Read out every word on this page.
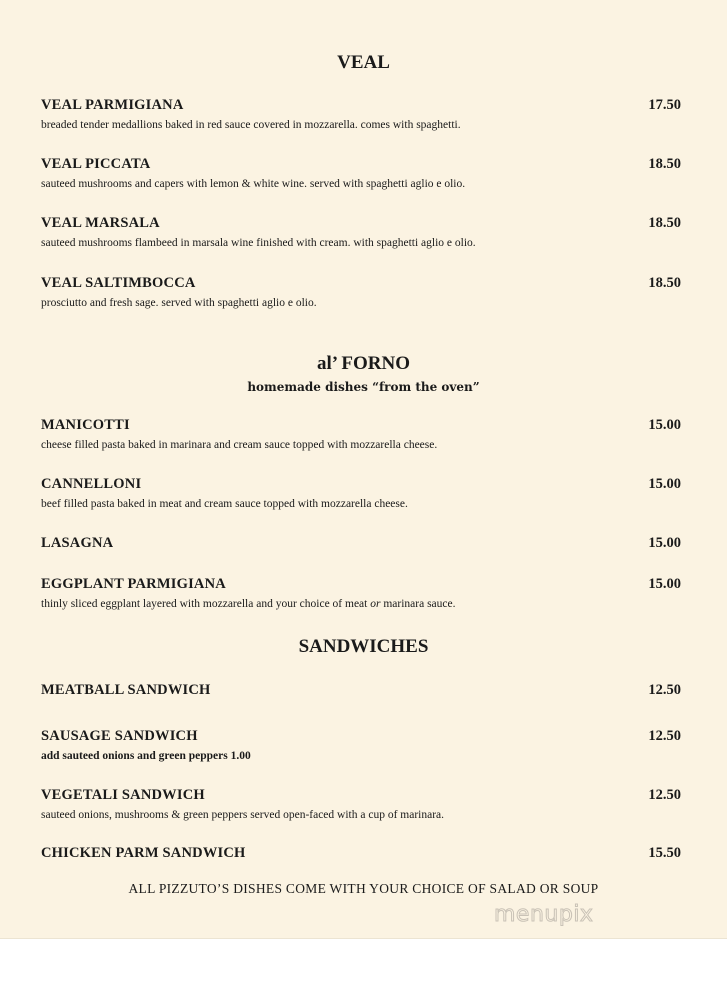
VEAL
VEAL PARMIGIANA	17.50
breaded tender medallions baked in red sauce covered in mozzarella. comes with spaghetti.
VEAL PICCATA	18.50
sauteed mushrooms and capers with lemon & white wine. served with spaghetti aglio e olio.
VEAL MARSALA	18.50
sauteed mushrooms flambeed in marsala wine finished with cream. with spaghetti aglio e olio.
VEAL SALTIMBOCCA	18.50
prosciutto and fresh sage. served with spaghetti aglio e olio.
al’ FORNO
homemade dishes “from the oven”
MANICOTTI	15.00
cheese filled pasta baked in marinara and cream sauce topped with mozzarella cheese.
CANNELLONI	15.00
beef filled pasta baked in meat and cream sauce topped with mozzarella cheese.
LASAGNA	15.00
EGGPLANT PARMIGIANA	15.00
thinly sliced eggplant layered with mozzarella and your choice of meat or marinara sauce.
SANDWICHES
MEATBALL SANDWICH	12.50
SAUSAGE SANDWICH	12.50
add sauteed onions and green peppers 1.00
VEGETALI SANDWICH	12.50
sauteed onions, mushrooms & green peppers served open-faced with a cup of marinara.
CHICKEN PARM SANDWICH	15.50
ALL PIZZUTO’S DISHES COME WITH YOUR CHOICE OF SALAD OR SOUP
menupix
